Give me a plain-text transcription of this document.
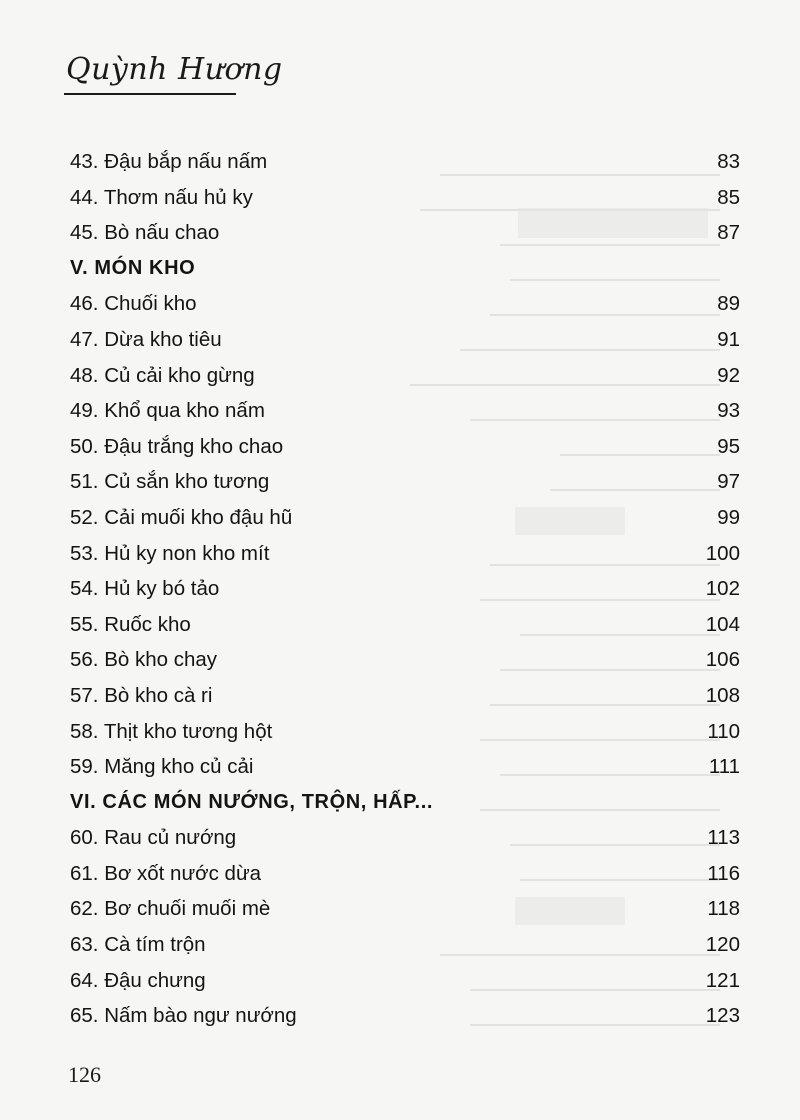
Quỳnh Hương
43. Đậu bắp nấu nấm	83
44. Thơm nấu hủ ky	85
45. Bò nấu chao	87
V. MÓN KHO
46. Chuối kho	89
47. Dừa kho tiêu	91
48. Củ cải kho gừng	92
49. Khổ qua kho nấm	93
50. Đậu trắng kho chao	95
51. Củ sắn kho tương	97
52. Cải muối kho đậu hũ	99
53. Hủ ky non kho mít	100
54. Hủ ky bó tảo	102
55. Ruốc kho	104
56. Bò kho chay	106
57. Bò kho cà ri	108
58. Thịt kho tương hột	110
59. Măng kho củ cải	111
VI. CÁC MÓN NƯỚNG, TRỘN, HẤP...
60. Rau củ nướng	113
61. Bơ xốt nước dừa	116
62. Bơ chuối muối mè	118
63. Cà tím trộn	120
64. Đậu chưng	121
65. Nấm bào ngư nướng	123
126
